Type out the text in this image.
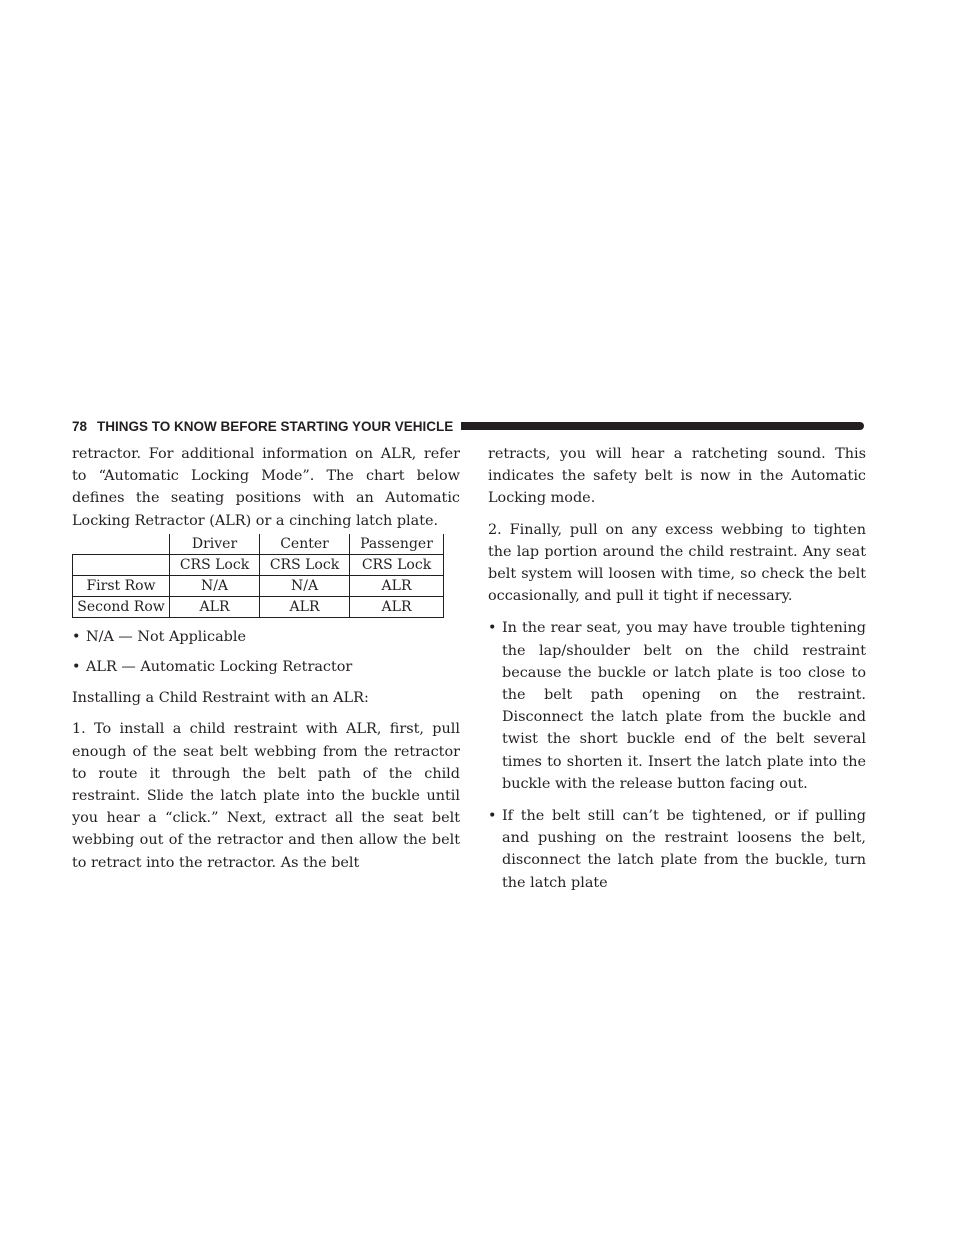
78 THINGS TO KNOW BEFORE STARTING YOUR VEHICLE

retractor. For additional information on ALR, refer to “Automatic Locking Mode”. The chart below defines the seating positions with an Automatic Locking Retractor (ALR) or a cinching latch plate.

	Driver	Center	Passenger
	CRS Lock	CRS Lock	CRS Lock
First Row	N/A	N/A	ALR
Second Row	ALR	ALR	ALR
• N/A — Not Applicable
• ALR — Automatic Locking Retractor

Installing a Child Restraint with an ALR:

1. To install a child restraint with ALR, first, pull enough of the seat belt webbing from the retractor to route it through the belt path of the child restraint. Slide the latch plate into the buckle until you hear a “click.” Next, extract all the seat belt webbing out of the retractor and then allow the belt to retract into the retractor. As the belt

retracts, you will hear a ratcheting sound. This indicates the safety belt is now in the Automatic Locking mode.

2. Finally, pull on any excess webbing to tighten the lap portion around the child restraint. Any seat belt system will loosen with time, so check the belt occasionally, and pull it tight if necessary.

• In the rear seat, you may have trouble tightening the lap/shoulder belt on the child restraint because the buckle or latch plate is too close to the belt path opening on the restraint. Disconnect the latch plate from the buckle and twist the short buckle end of the belt several times to shorten it. Insert the latch plate into the buckle with the release button facing out.
• If the belt still can’t be tightened, or if pulling and pushing on the restraint loosens the belt, disconnect the latch plate from the buckle, turn the latch plate
